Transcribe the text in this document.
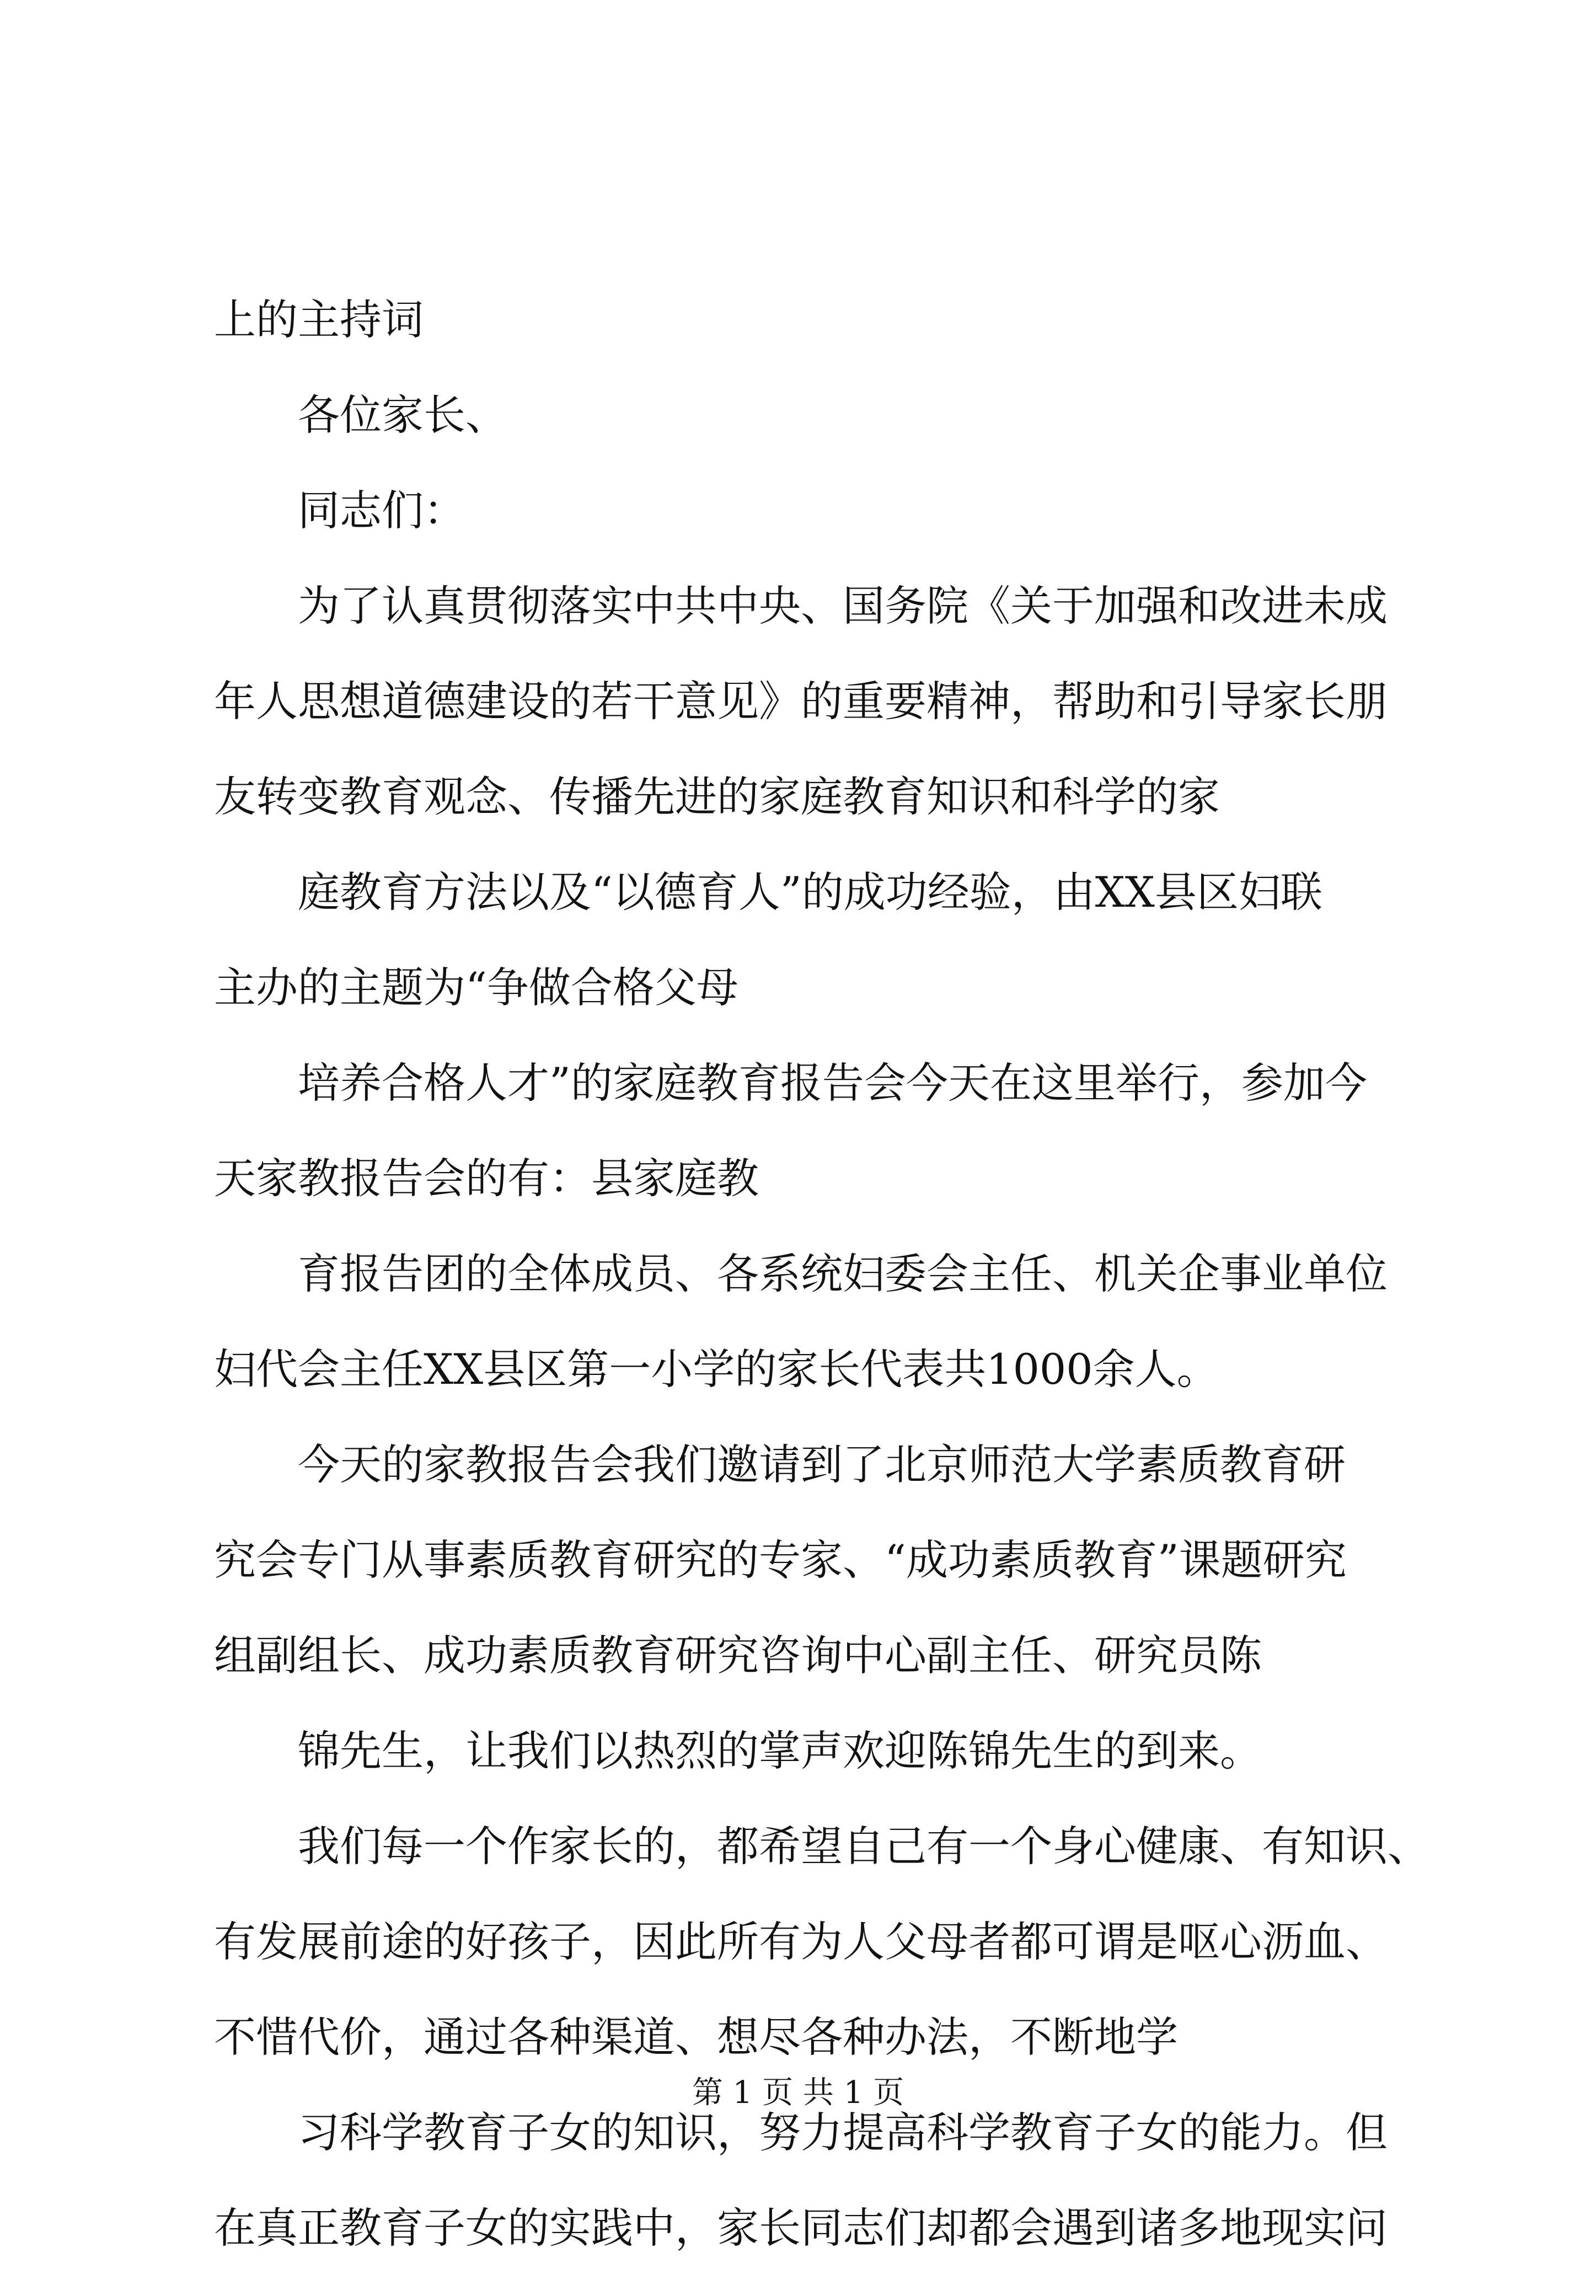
上的主持词
各位家长、
同志们：
为了认真贯彻落实中共中央、国务院《关于加强和改进未成
年人思想道德建设的若干意见》的重要精神，帮助和引导家长朋
友转变教育观念、传播先进的家庭教育知识和科学的家
庭教育方法以及“以德育人”的成功经验，由XX县区妇联
主办的主题为“争做合格父母
培养合格人才”的家庭教育报告会今天在这里举行，参加今
天家教报告会的有：县家庭教
育报告团的全体成员、各系统妇委会主任、机关企事业单位
妇代会主任XX县区第一小学的家长代表共1000余人。
今天的家教报告会我们邀请到了北京师范大学素质教育研
究会专门从事素质教育研究的专家、“成功素质教育”课题研究
组副组长、成功素质教育研究咨询中心副主任、研究员陈
锦先生，让我们以热烈的掌声欢迎陈锦先生的到来。
我们每一个作家长的，都希望自己有一个身心健康、有知识、
有发展前途的好孩子，因此所有为人父母者都可谓是呕心沥血、
不惜代价，通过各种渠道、想尽各种办法，不断地学
习科学教育子女的知识，努力提高科学教育子女的能力。但
在真正教育子女的实践中，家长同志们却都会遇到诸多地现实问
第 1 页 共 1 页
